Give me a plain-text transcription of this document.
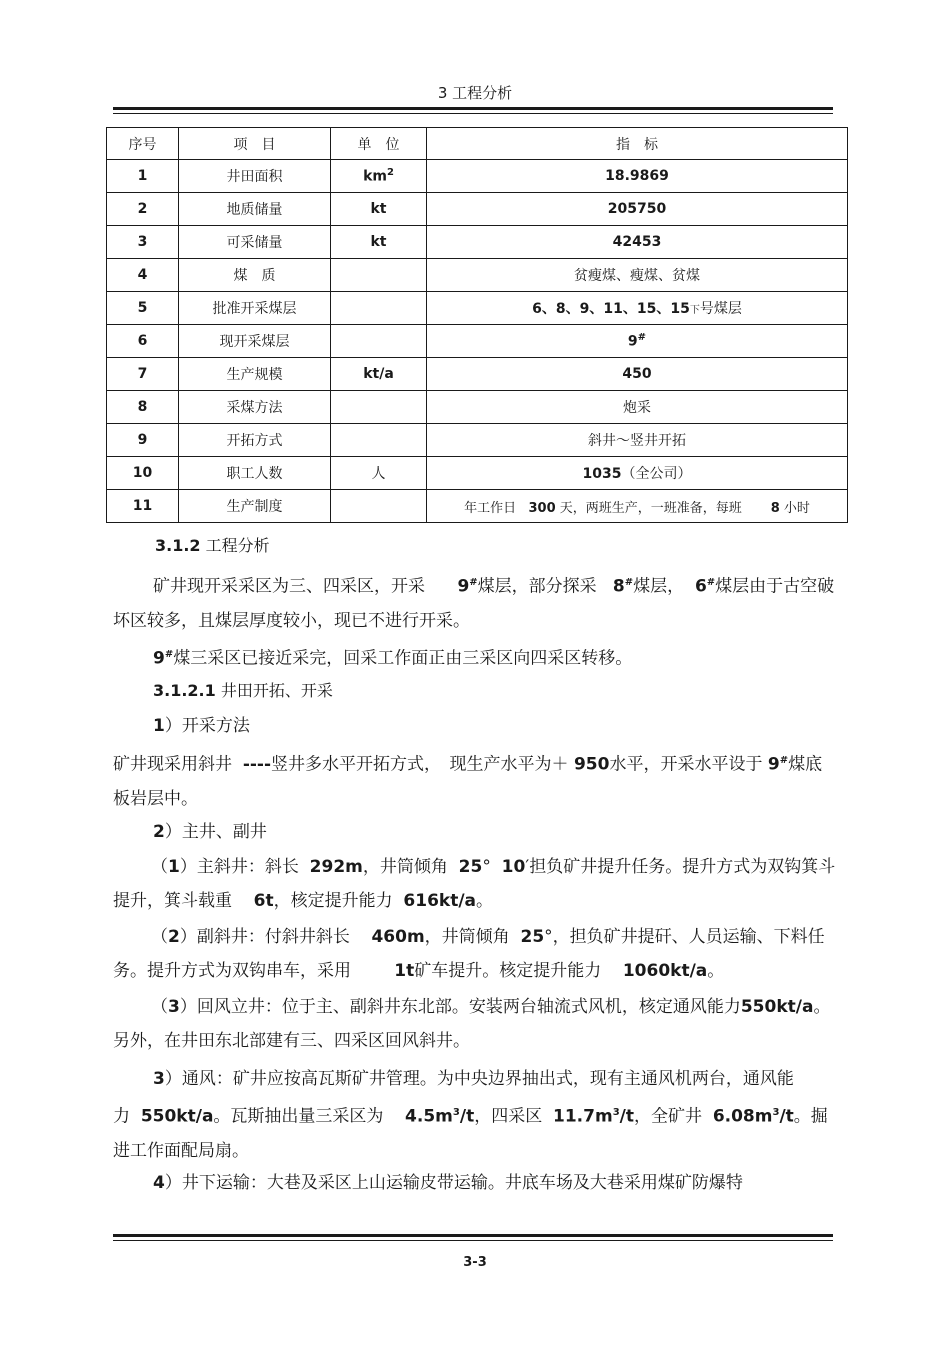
3 工程分析
序号	项　目	单　位	指　标
1	井田面积	$km^2$	18.9869
2	地质储量	kt	205750
3	可采储量	kt	42453
4	煤　质		贫瘦煤、瘦煤、贫煤
5	批准开采煤层		6、8、9、11、15、15下号煤层
6	现开采煤层		9#
7	生产规模	kt/a	450
8	采煤方法		炮采
9	开拓方式		斜井～竖井开拓
10	职工人数	人	1035（全公司）
11	生产制度		年工作日 300 天，两班生产，一班准备，每班 8 小时

3.1.2 工程分析

矿井现开采采区为三、四采区，开采 9#煤层，部分探采 8#煤层， 6#煤层由于古空破坏区较多，且煤层厚度较小，现已不进行开采。

9#煤三采区已接近采完，回采工作面正由三采区向四采区转移。

3.1.2.1 井田开拓、开采

1）开采方法

矿井现采用斜井 ----竖井多水平开拓方式，　现生产水平为＋ 950水平，开采水平设于 9#煤底板岩层中。

2）主井、副井

（1）主斜井：斜长 292m，井筒倾角 25° 10′担负矿井提升任务。提升方式为双钩箕斗提升，箕斗载重 6t，核定提升能力 616kt/a。

（2）副斜井：付斜井斜长 460m，井筒倾角 25°，担负矿井提矸、人员运输、下料任务。提升方式为双钩串车，采用	1t矿车提升。核定提升能力 1060kt/a。

（3）回风立井：位于主、副斜井东北部。安装两台轴流式风机，核定通风能力550kt/a。另外，在井田东北部建有三、四采区回风斜井。

3）通风：矿井应按高瓦斯矿井管理。为中央边界抽出式，现有主通风机两台，通风能力 550kt/a。瓦斯抽出量三采区为 $4.5m^3/t$，四采区 $11.7m^3/t$，全矿井 $6.08m^3/t$。掘进工作面配局扇。

4）井下运输：大巷及采区上山运输皮带运输。井底车场及大巷采用煤矿防爆特

3-3
